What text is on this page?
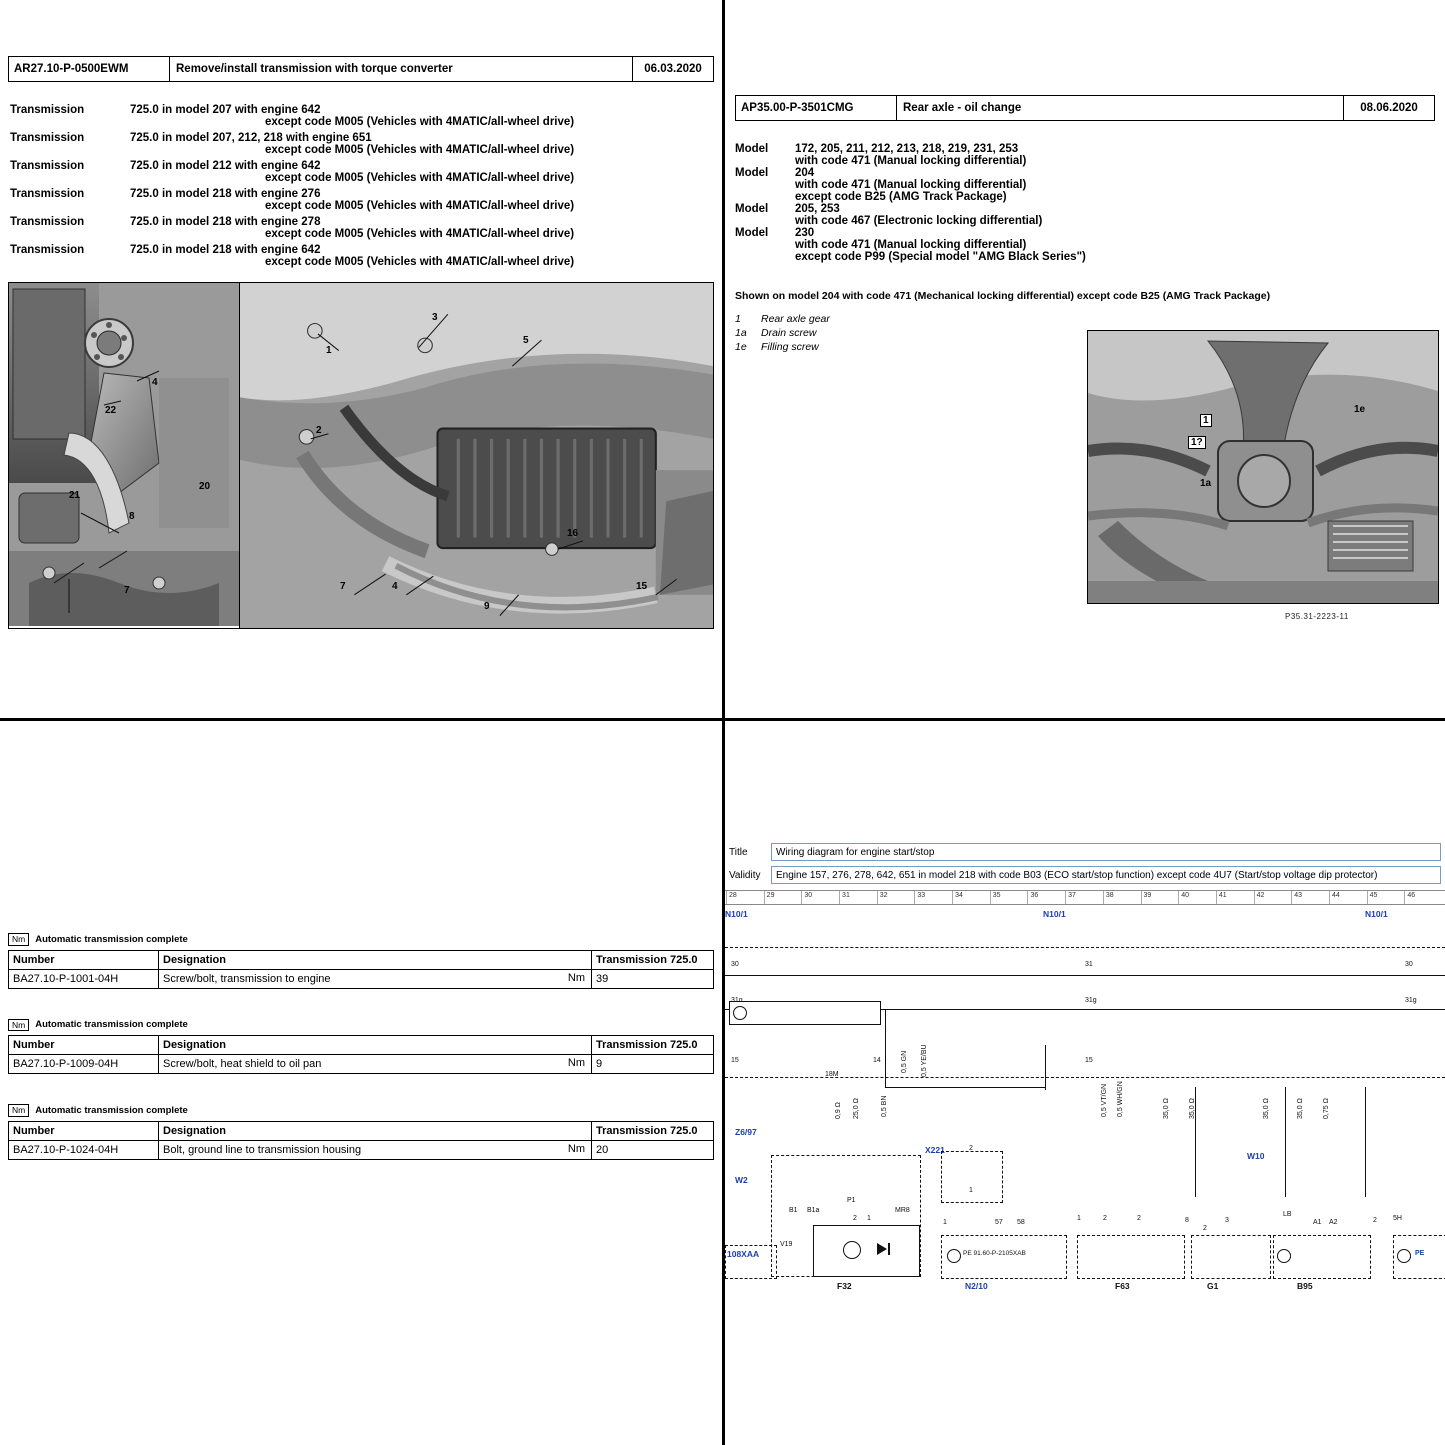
AR27.10-P-0500EWM	Remove/install transmission with torque converter	06.03.2020
Transmission	725.0 in model 207 with engine 642
except code M005 (Vehicles with 4MATIC/all-wheel drive)
Transmission	725.0 in model 207, 212, 218 with engine 651
except code M005 (Vehicles with 4MATIC/all-wheel drive)
Transmission	725.0 in model 212 with engine 642
except code M005 (Vehicles with 4MATIC/all-wheel drive)
Transmission	725.0 in model 218 with engine 276
except code M005 (Vehicles with 4MATIC/all-wheel drive)
Transmission	725.0 in model 218 with engine 278
except code M005 (Vehicles with 4MATIC/all-wheel drive)
Transmission	725.0 in model 218 with engine 642
except code M005 (Vehicles with 4MATIC/all-wheel drive)
4
22
21
8
7
20
3
5
1
2
16
7	4
9
15
AP35.00-P-3501CMG	Rear axle - oil change	08.06.2020
Model	172, 205, 211, 212, 213, 218, 219, 231, 253
with code 471 (Manual locking differential)
Model	204
with code 471 (Manual locking differential)
except code B25 (AMG Track Package)
Model	205, 253
with code 467 (Electronic locking differential)
Model	230
with code 471 (Manual locking differential)
except code P99 (Special model "AMG Black Series")
Shown on model 204 with code 471 (Mechanical locking differential) except code B25 (AMG Track Package)
1	Rear axle gear
1a	Drain screw
1e	Filling screw
1
1e
1a
1?
P35.31-2223-11
Nm	Automatic transmission complete
Number	Designation	Transmission 725.0
BA27.10-P-1001-04H	Screw/bolt, transmission to engine Nm	39
Nm	Automatic transmission complete
Number	Designation	Transmission 725.0
BA27.10-P-1009-04H	Screw/bolt, heat shield to oil pan Nm	9
Nm	Automatic transmission complete
Number	Designation	Transmission 725.0
BA27.10-P-1024-04H	Bolt, ground line to transmission housing Nm	20
Title	Wiring diagram for engine start/stop
Validity	Engine 157, 276, 278, 642, 651 in model 218 with code B03 (ECO start/stop function) except code 4U7 (Start/stop voltage dip protector)
28	29	30	31	32	33	34	35	36	37	38	39	40	41	42	43	44	45	46
N10/1	N10/1	N10/1
30	31	30
31g	31g
15	15
18M
14	0,5 GN 0,5 YE/BU
25,0 Ω
0,9 Ω	0,5 BN	0,5 VT/GN 0,5 WH/GN	35,0 Ω	35,0 Ω	35,0 Ω	35,0 Ω	0,75 Ω
Z6/97
W2
X221
W10
V19
F32
PE 91.60-P-2105XAB
N2/10	F63	G1	B95
108XAA	PE
B1 B1a
P1
MR8
2 1
1	57 58
1	2	2	8
2
3
LB
A1 A2	2 5H
2
1
